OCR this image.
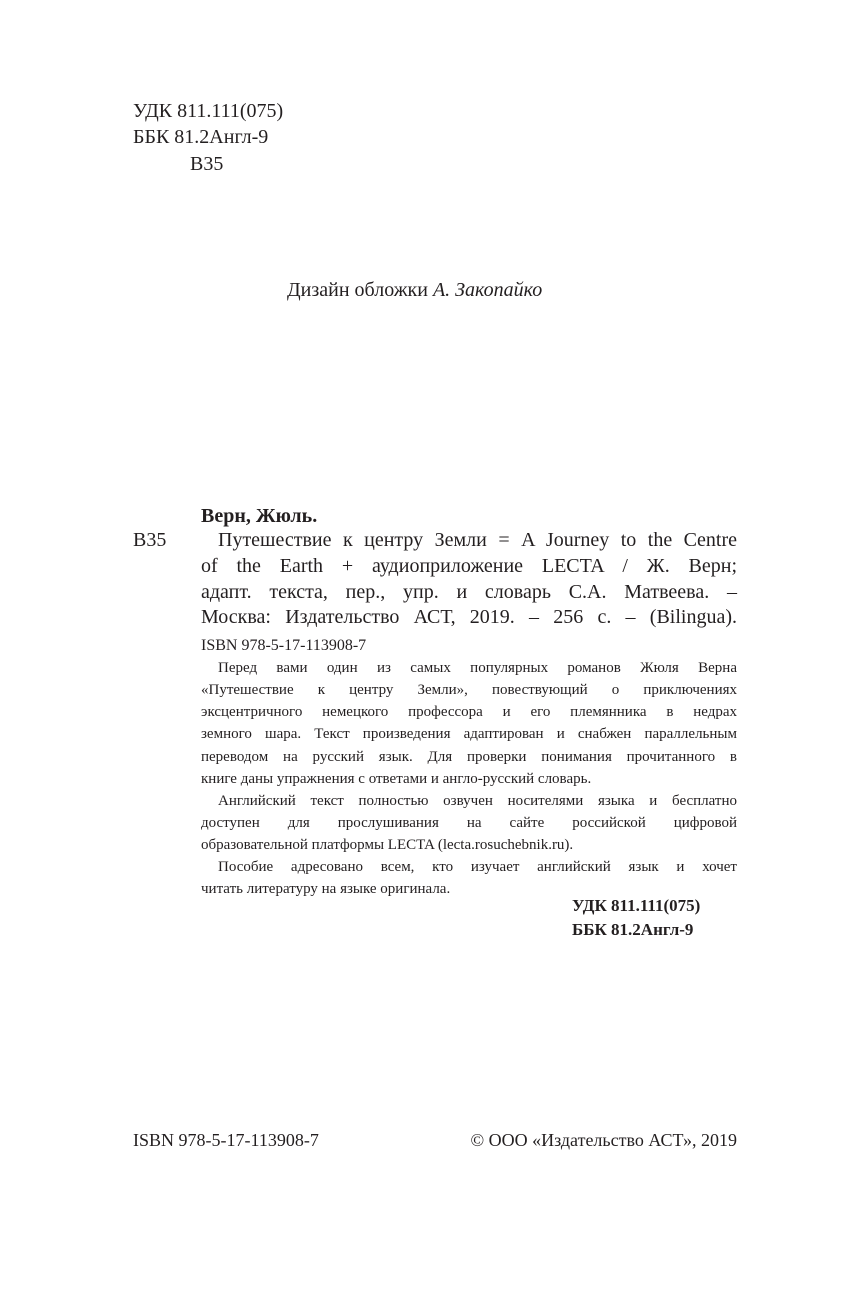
УДК 811.111(075)
ББК 81.2Англ-9
В35
Дизайн обложки А. Закопайко
Верн, Жюль.
В35	Путешествие к центру Земли = A Journey to the Centre
of the Earth + аудиоприложение LECTA / Ж. Верн;
адапт. текста, пер., упр. и словарь С.А. Матвеева. –
Москва: Издательство АСТ, 2019. – 256 с. – (Bilingua).
ISBN 978-5-17-113908-7
Перед вами один из самых популярных романов Жюля Верна
«Путешествие к центру Земли», повествующий о приключениях
эксцентричного немецкого профессора и его племянника в недрах
земного шара. Текст произведения адаптирован и снабжен параллельным
переводом на русский язык. Для проверки понимания прочитанного в
книге даны упражнения с ответами и англо-русский словарь.
Английский текст полностью озвучен носителями языка и бесплатно
доступен для прослушивания на сайте российской цифровой
образовательной платформы LECTA (lecta.rosuchebnik.ru).
Пособие адресовано всем, кто изучает английский язык и хочет
читать литературу на языке оригинала.
УДК 811.111(075)
ББК 81.2Англ-9
ISBN 978-5-17-113908-7	© ООО «Издательство АСТ», 2019
